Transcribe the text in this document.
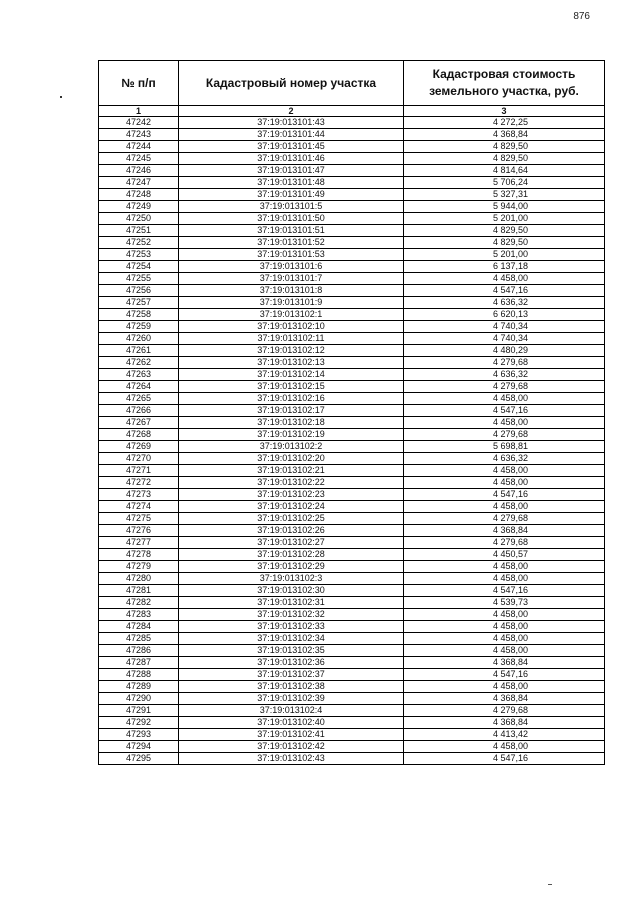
876
№ п/п	Кадастровый номер участка	Кадастровая стоимость земельного участка, руб.
1	2	3
47242	37:19:013101:43	4 272,25
47243	37:19:013101:44	4 368,84
47244	37:19:013101:45	4 829,50
47245	37:19:013101:46	4 829,50
47246	37:19:013101:47	4 814,64
47247	37:19:013101:48	5 706,24
47248	37:19:013101:49	5 327,31
47249	37:19:013101:5	5 944,00
47250	37:19:013101:50	5 201,00
47251	37:19:013101:51	4 829,50
47252	37:19:013101:52	4 829,50
47253	37:19:013101:53	5 201,00
47254	37:19:013101:6	6 137,18
47255	37:19:013101:7	4 458,00
47256	37:19:013101:8	4 547,16
47257	37:19:013101:9	4 636,32
47258	37:19:013102:1	6 620,13
47259	37:19:013102:10	4 740,34
47260	37:19:013102:11	4 740,34
47261	37:19:013102:12	4 480,29
47262	37:19:013102:13	4 279,68
47263	37:19:013102:14	4 636,32
47264	37:19:013102:15	4 279,68
47265	37:19:013102:16	4 458,00
47266	37:19:013102:17	4 547,16
47267	37:19:013102:18	4 458,00
47268	37:19:013102:19	4 279,68
47269	37:19:013102:2	5 698,81
47270	37:19:013102:20	4 636,32
47271	37:19:013102:21	4 458,00
47272	37:19:013102:22	4 458,00
47273	37:19:013102:23	4 547,16
47274	37:19:013102:24	4 458,00
47275	37:19:013102:25	4 279,68
47276	37:19:013102:26	4 368,84
47277	37:19:013102:27	4 279,68
47278	37:19:013102:28	4 450,57
47279	37:19:013102:29	4 458,00
47280	37:19:013102:3	4 458,00
47281	37:19:013102:30	4 547,16
47282	37:19:013102:31	4 539,73
47283	37:19:013102:32	4 458,00
47284	37:19:013102:33	4 458,00
47285	37:19:013102:34	4 458,00
47286	37:19:013102:35	4 458,00
47287	37:19:013102:36	4 368,84
47288	37:19:013102:37	4 547,16
47289	37:19:013102:38	4 458,00
47290	37:19:013102:39	4 368,84
47291	37:19:013102:4	4 279,68
47292	37:19:013102:40	4 368,84
47293	37:19:013102:41	4 413,42
47294	37:19:013102:42	4 458,00
47295	37:19:013102:43	4 547,16
